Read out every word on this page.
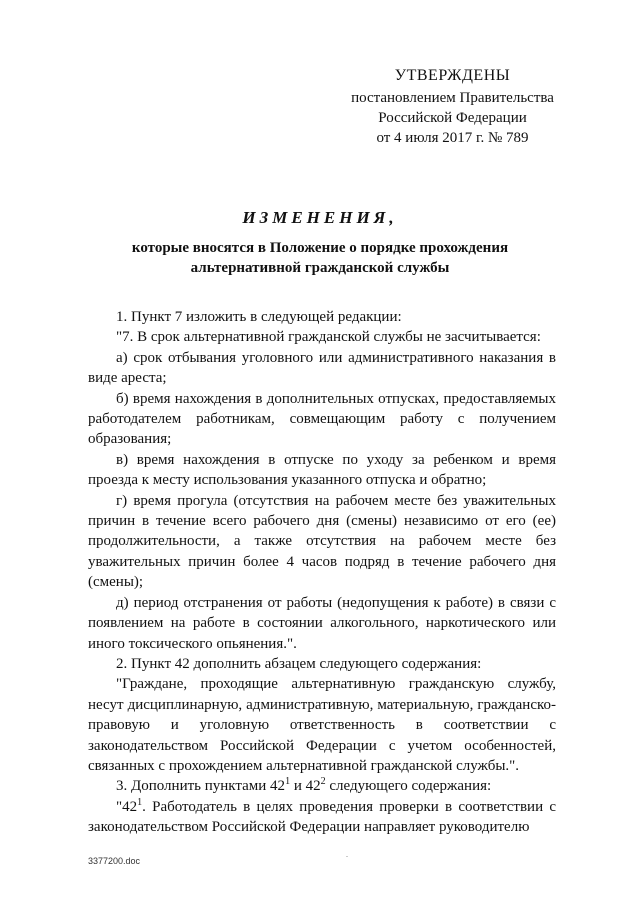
УТВЕРЖДЕНЫ
постановлением Правительства
Российской Федерации
от 4 июля 2017 г. № 789
ИЗМЕНЕНИЯ,
которые вносятся в Положение о порядке прохождения
альтернативной гражданской службы

1. Пункт 7 изложить в следующей редакции:

"7. В срок альтернативной гражданской службы не засчитывается:

а) срок отбывания уголовного или административного наказания в виде ареста;

б) время нахождения в дополнительных отпусках, предоставляемых работодателем работникам, совмещающим работу с получением образования;

в) время нахождения в отпуске по уходу за ребенком и время проезда к месту использования указанного отпуска и обратно;

г) время прогула (отсутствия на рабочем месте без уважительных причин в течение всего рабочего дня (смены) независимо от его (ее) продолжительности, а также отсутствия на рабочем месте без уважительных причин более 4 часов подряд в течение рабочего дня (смены);

д) период отстранения от работы (недопущения к работе) в связи с появлением на работе в состоянии алкогольного, наркотического или иного токсического опьянения.".

2. Пункт 42 дополнить абзацем следующего содержания:

"Граждане, проходящие альтернативную гражданскую службу, несут дисциплинарную, административную, материальную, гражданско-правовую и уголовную ответственность в соответствии с законодательством Российской Федерации с учетом особенностей, связанных с прохождением альтернативной гражданской службы.".

3. Дополнить пунктами $42^1$ и $42^2$ следующего содержания:

"$42^1$. Работодатель в целях проведения проверки в соответствии с законодательством Российской Федерации направляет руководителю

.
3377200.doc
